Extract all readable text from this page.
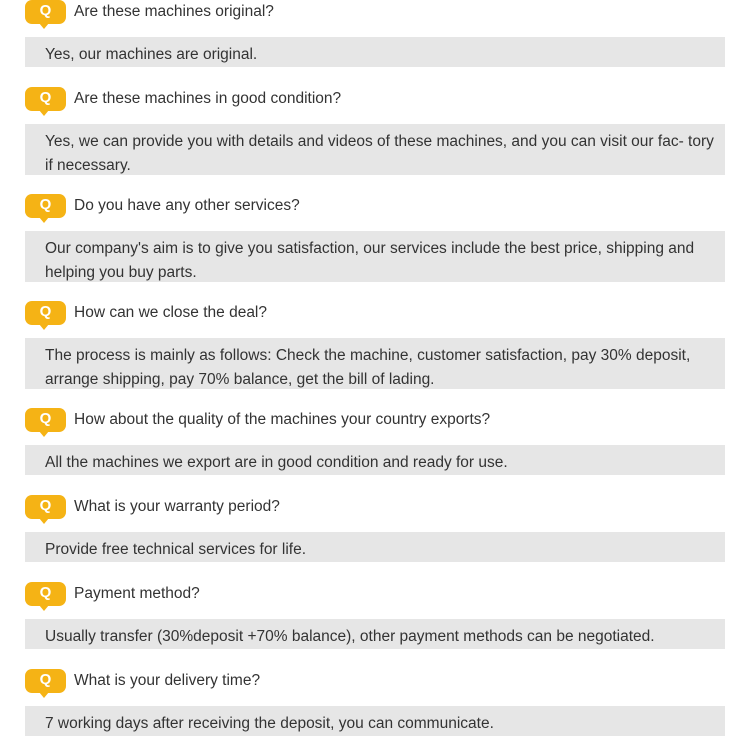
Q	Are these machines original?
Yes, our machines are original.
Q	Are these machines in good condition?
Yes, we can provide you with details and videos of these machines, and you can visit our fac- tory if necessary.
Q	Do you have any other services?
Our company's aim is to give you satisfaction, our services include the best price, shipping and helping you buy parts.
Q	How can we close the deal?
The process is mainly as follows: Check the machine, customer satisfaction, pay 30% deposit, arrange shipping, pay 70% balance, get the bill of lading.
Q	How about the quality of the machines your country exports?
All the machines we export are in good condition and ready for use.
Q	What is your warranty period?
Provide free technical services for life.
Q	Payment method?
Usually transfer (30%deposit +70% balance), other payment methods can be negotiated.
Q	What is your delivery time?
7 working days after receiving the deposit, you can communicate.
